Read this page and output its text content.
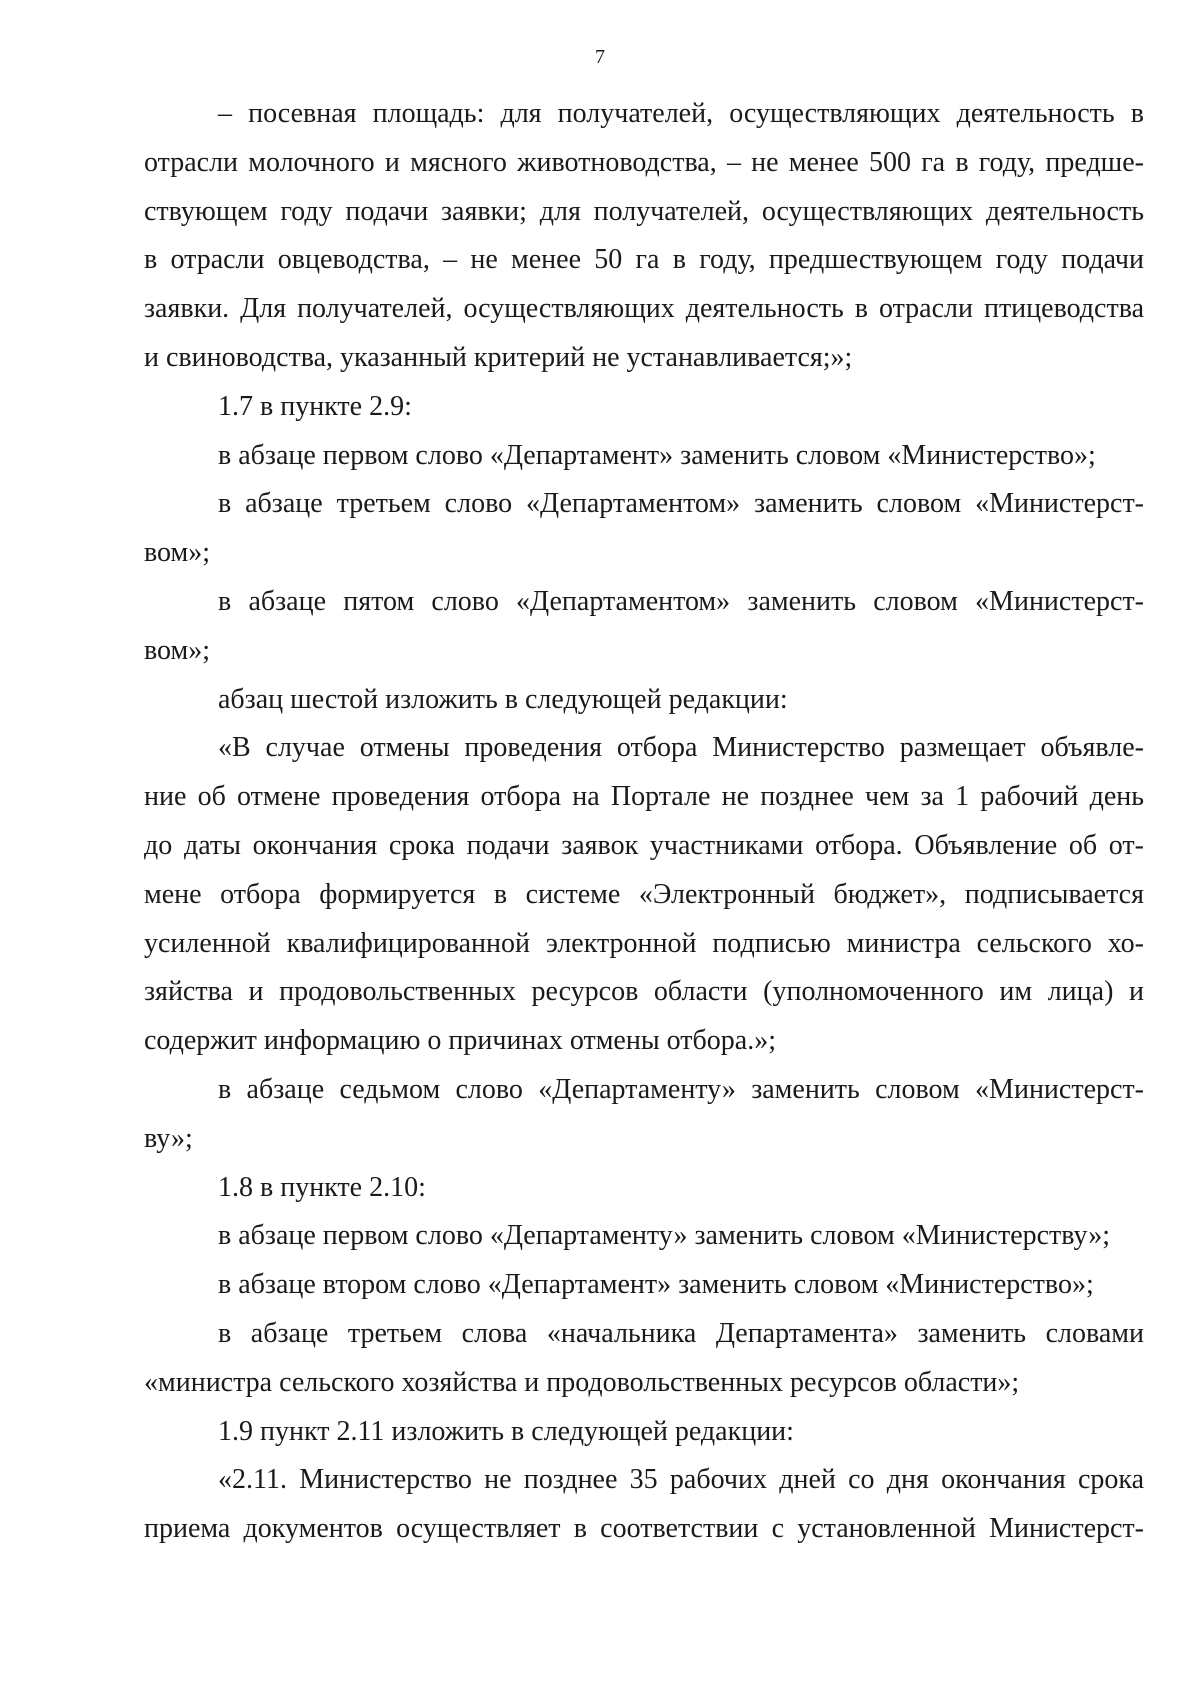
7

– посевная площадь: для получателей, осуществляющих деятельность в
отрасли молочного и мясного животноводства, – не менее 500 га в году, предше-
ствующем году подачи заявки; для получателей, осуществляющих деятельность
в отрасли овцеводства, – не менее 50 га в году, предшествующем году подачи
заявки. Для получателей, осуществляющих деятельность в отрасли птицеводства
и свиноводства, указанный критерий не устанавливается;»;

1.7 в пункте 2.9:

в абзаце первом слово «Департамент» заменить словом «Министерство»;

в абзаце третьем слово «Департаментом» заменить словом «Министерст-
вом»;

в абзаце пятом слово «Департаментом» заменить словом «Министерст-
вом»;

абзац шестой изложить в следующей редакции:

«В случае отмены проведения отбора Министерство размещает объявле-
ние об отмене проведения отбора на Портале не позднее чем за 1 рабочий день
до даты окончания срока подачи заявок участниками отбора. Объявление об от-
мене отбора формируется в системе «Электронный бюджет», подписывается
усиленной квалифицированной электронной подписью министра сельского хо-
зяйства и продовольственных ресурсов области (уполномоченного им лица) и
содержит информацию о причинах отмены отбора.»;

в абзаце седьмом слово «Департаменту» заменить словом «Министерст-
ву»;

1.8 в пункте 2.10:

в абзаце первом слово «Департаменту» заменить словом «Министерству»;

в абзаце втором слово «Департамент» заменить словом «Министерство»;

в абзаце третьем слова «начальника Департамента» заменить словами
«министра сельского хозяйства и продовольственных ресурсов области»;

1.9 пункт 2.11 изложить в следующей редакции:

«2.11. Министерство не позднее 35 рабочих дней со дня окончания срока
приема документов осуществляет в соответствии с установленной Министерст-
